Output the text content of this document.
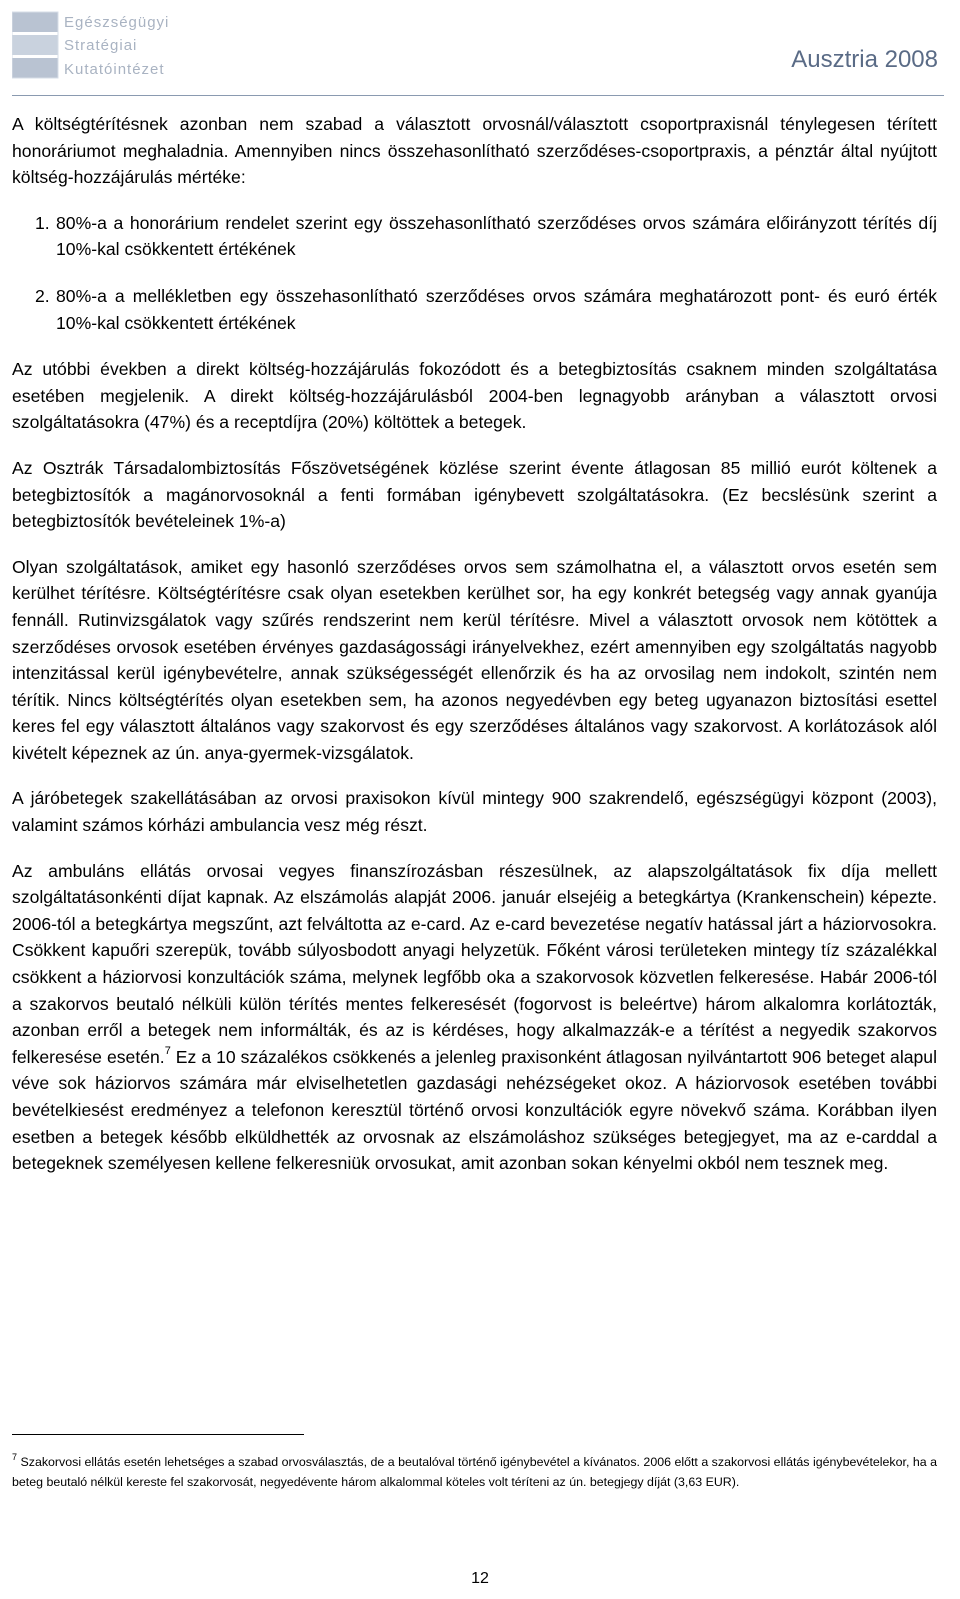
Egészségügyi
Stratégiai
Kutatóintézet	Ausztria 2008

A költségtérítésnek azonban nem szabad a választott orvosnál/választott csoportpraxisnál ténylegesen térített honoráriumot meghaladnia. Amennyiben nincs összehasonlítható szerződéses-csoportpraxis, a pénztár által nyújtott költség-hozzájárulás mértéke:

1. 80%-a a honorárium rendelet szerint egy összehasonlítható szerződéses orvos számára előirányzott térítés díj 10%-kal csökkentett értékének
2. 80%-a a mellékletben egy összehasonlítható szerződéses orvos számára meghatározott pont- és euró érték 10%-kal csökkentett értékének

Az utóbbi években a direkt költség-hozzájárulás fokozódott és a betegbiztosítás csaknem minden szolgáltatása esetében megjelenik. A direkt költség-hozzájárulásból 2004-ben legnagyobb arányban a választott orvosi szolgáltatásokra (47%) és a receptdíjra (20%) költöttek a betegek.

Az Osztrák Társadalombiztosítás Főszövetségének közlése szerint évente átlagosan 85 millió eurót költenek a betegbiztosítók a magánorvosoknál a fenti formában igénybevett szolgáltatásokra. (Ez becslésünk szerint a betegbiztosítók bevételeinek 1%-a)

Olyan szolgáltatások, amiket egy hasonló szerződéses orvos sem számolhatna el, a választott orvos esetén sem kerülhet térítésre. Költségtérítésre csak olyan esetekben kerülhet sor, ha egy konkrét betegség vagy annak gyanúja fennáll. Rutinvizsgálatok vagy szűrés rendszerint nem kerül térítésre. Mivel a választott orvosok nem kötöttek a szerződéses orvosok esetében érvényes gazdaságossági irányelvekhez, ezért amennyiben egy szolgáltatás nagyobb intenzitással kerül igénybevételre, annak szükségességét ellenőrzik és ha az orvosilag nem indokolt, szintén nem térítik. Nincs költségtérítés olyan esetekben sem, ha azonos negyedévben egy beteg ugyanazon biztosítási esettel keres fel egy választott általános vagy szakorvost és egy szerződéses általános vagy szakorvost. A korlátozások alól kivételt képeznek az ún. anya-gyermek-vizsgálatok.

A járóbetegek szakellátásában az orvosi praxisokon kívül mintegy 900 szakrendelő, egészségügyi központ (2003), valamint számos kórházi ambulancia vesz még részt.

Az ambuláns ellátás orvosai vegyes finanszírozásban részesülnek, az alapszolgáltatások fix díja mellett szolgáltatásonkénti díjat kapnak. Az elszámolás alapját 2006. január elsejéig a betegkártya (Krankenschein) képezte. 2006-tól a betegkártya megszűnt, azt felváltotta az e-card. Az e-card bevezetése negatív hatással járt a háziorvosokra. Csökkent kapuőri szerepük, tovább súlyosbodott anyagi helyzetük. Főként városi területeken mintegy tíz százalékkal csökkent a háziorvosi konzultációk száma, melynek legfőbb oka a szakorvosok közvetlen felkeresése. Habár 2006-tól a szakorvos beutaló nélküli külön térítés mentes felkeresését (fogorvost is beleértve) három alkalomra korlátozták, azonban erről a betegek nem informálták, és az is kérdéses, hogy alkalmazzák-e a térítést a negyedik szakorvos felkeresése esetén.$^7$ Ez a 10 százalékos csökkenés a jelenleg praxisonként átlagosan nyilvántartott 906 beteget alapul véve sok háziorvos számára már elviselhetetlen gazdasági nehézségeket okoz. A háziorvosok esetében további bevételkiesést eredményez a telefonon keresztül történő orvosi konzultációk egyre növekvő száma. Korábban ilyen esetben a betegek később elküldhették az orvosnak az elszámoláshoz szükséges betegjegyet, ma az e-carddal a betegeknek személyesen kellene felkeresniük orvosukat, amit azonban sokan kényelmi okból nem tesznek meg.

$^7$ Szakorvosi ellátás esetén lehetséges a szabad orvosválasztás, de a beutalóval történő igénybevétel a kívánatos. 2006 előtt a szakorvosi ellátás igénybevételekor, ha a beteg beutaló nélkül kereste fel szakorvosát, negyedévente három alkalommal köteles volt téríteni az ún. betegjegy díját (3,63 EUR).
12
